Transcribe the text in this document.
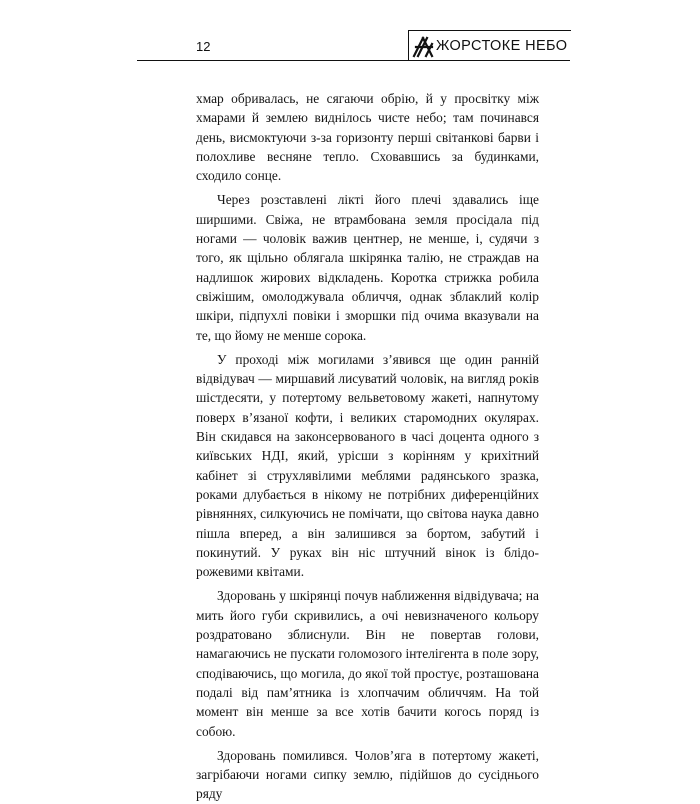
12	ЖОРСТОКЕ НЕБО

хмар обривалась, не сягаючи обрію, й у просвітку між хмарами й землею виднілось чисте небо; там починався день, висмоктуючи з-за горизонту перші світанкові барви і полохливе весняне тепло. Сховавшись за будинками, сходило сонце.

Через розставлені лікті його плечі здавались іще ширшими. Свіжа, не втрамбована земля просідала під ногами — чоловік важив центнер, не менше, і, судячи з того, як щільно облягала шкірянка талію, не страждав на надлишок жирових відкладень. Коротка стрижка робила свіжішим, омолоджувала обличчя, однак зблаклий колір шкіри, підпухлі повіки і зморшки під очима вказували на те, що йому не менше сорока.

У проході між могилами з’явився ще один ранній відвідувач — миршавий лисуватий чоловік, на вигляд років шістдесяти, у потертому вельветовому жакеті, напнутому поверх в’язаної кофти, і великих старомодних окулярах. Він скидався на законсервованого в часі доцента одного з київських НДІ, який, урісши з корінням у крихітний кабінет зі струхлявілими меблями радянського зразка, роками длубається в нікому не потрібних диференційних рівняннях, силкуючись не помічати, що світова наука давно пішла вперед, а він залишився за бортом, забутий і покинутий. У руках він ніс штучний вінок із блідо-рожевими квітами.

Здоровань у шкірянці почув наближення відвідувача; на мить його губи скривились, а очі невизначеного кольору роздратовано зблиснули. Він не повертав голови, намагаючись не пускати голомозого інтелігента в поле зору, сподіваючись, що могила, до якої той простує, розташована подалі від пам’ятника із хлопчачим обличчям. На той момент він менше за все хотів бачити когось поряд із собою.

Здоровань помилився. Чолов’яга в потертому жакеті, загрібаючи ногами сипку землю, підійшов до сусіднього ряду
